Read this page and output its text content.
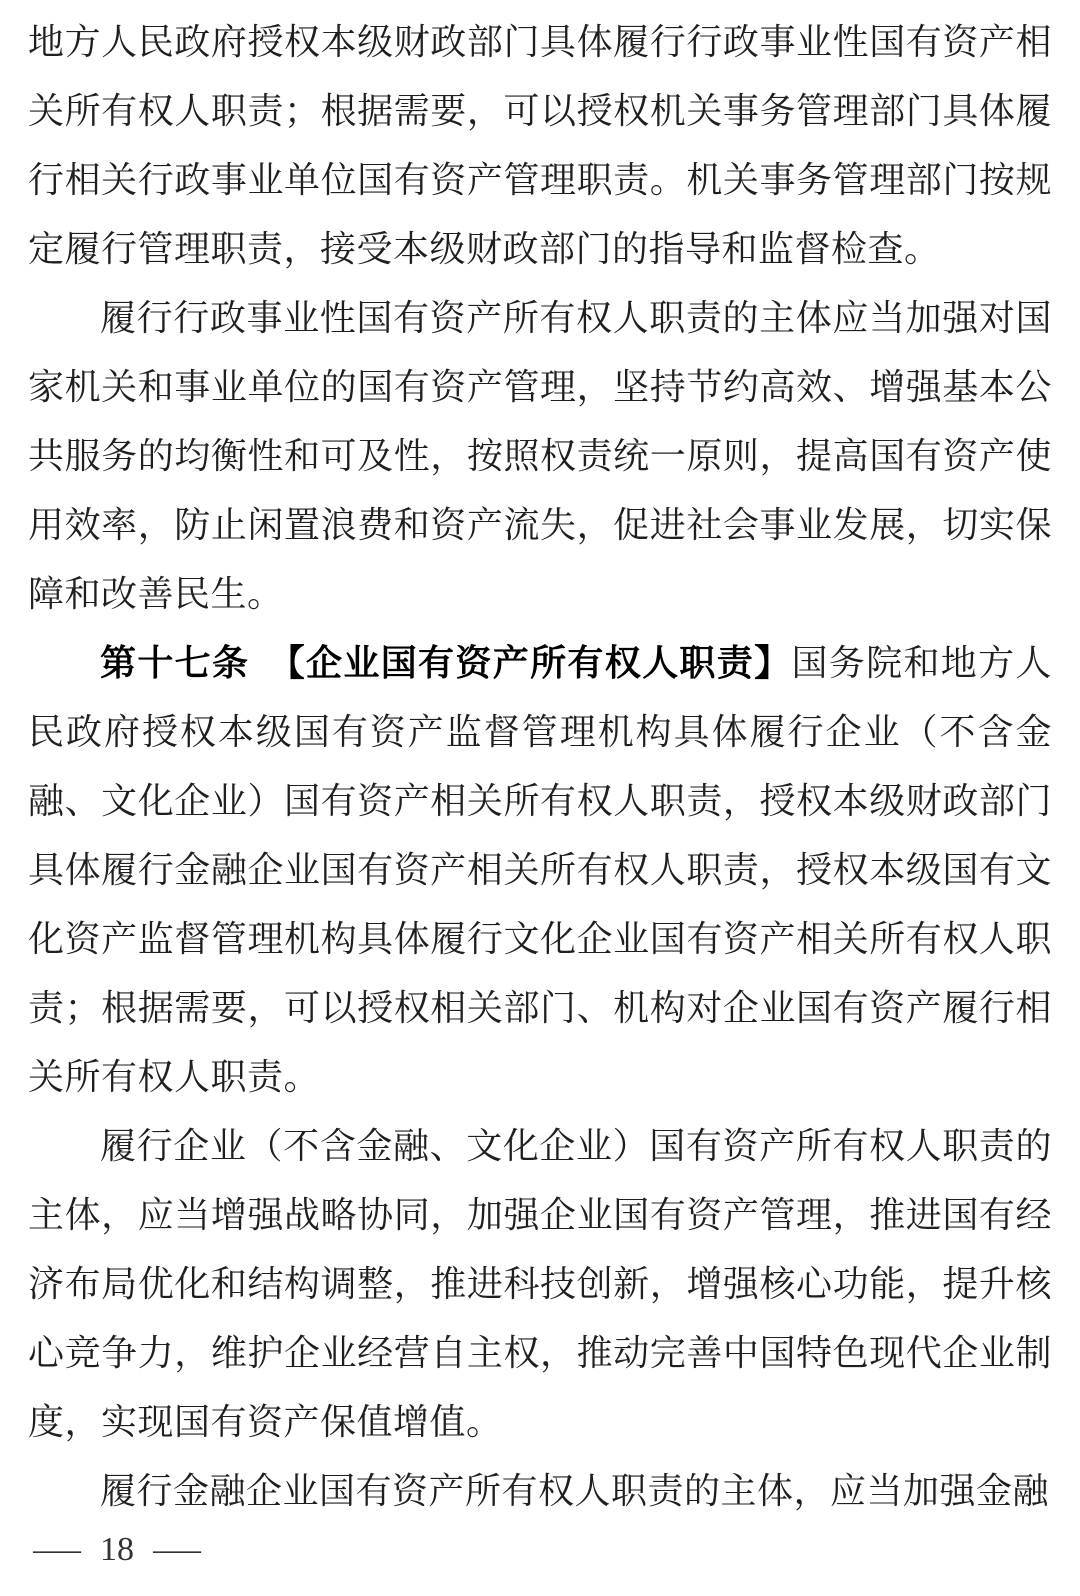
地方人民政府授权本级财政部门具体履行行政事业性国有资产相关所有权人职责；根据需要，可以授权机关事务管理部门具体履行相关行政事业单位国有资产管理职责。机关事务管理部门按规定履行管理职责，接受本级财政部门的指导和监督检查。

履行行政事业性国有资产所有权人职责的主体应当加强对国家机关和事业单位的国有资产管理，坚持节约高效、增强基本公共服务的均衡性和可及性，按照权责统一原则，提高国有资产使用效率，防止闲置浪费和资产流失，促进社会事业发展，切实保障和改善民生。

第十七条　【企业国有资产所有权人职责】国务院和地方人民政府授权本级国有资产监督管理机构具体履行企业（不含金融、文化企业）国有资产相关所有权人职责，授权本级财政部门具体履行金融企业国有资产相关所有权人职责，授权本级国有文化资产监督管理机构具体履行文化企业国有资产相关所有权人职责；根据需要，可以授权相关部门、机构对企业国有资产履行相关所有权人职责。

履行企业（不含金融、文化企业）国有资产所有权人职责的主体，应当增强战略协同，加强企业国有资产管理，推进国有经济布局优化和结构调整，推进科技创新，增强核心功能，提升核心竞争力，维护企业经营自主权，推动完善中国特色现代企业制度，实现国有资产保值增值。

履行金融企业国有资产所有权人职责的主体，应当加强金融

— 18 —
